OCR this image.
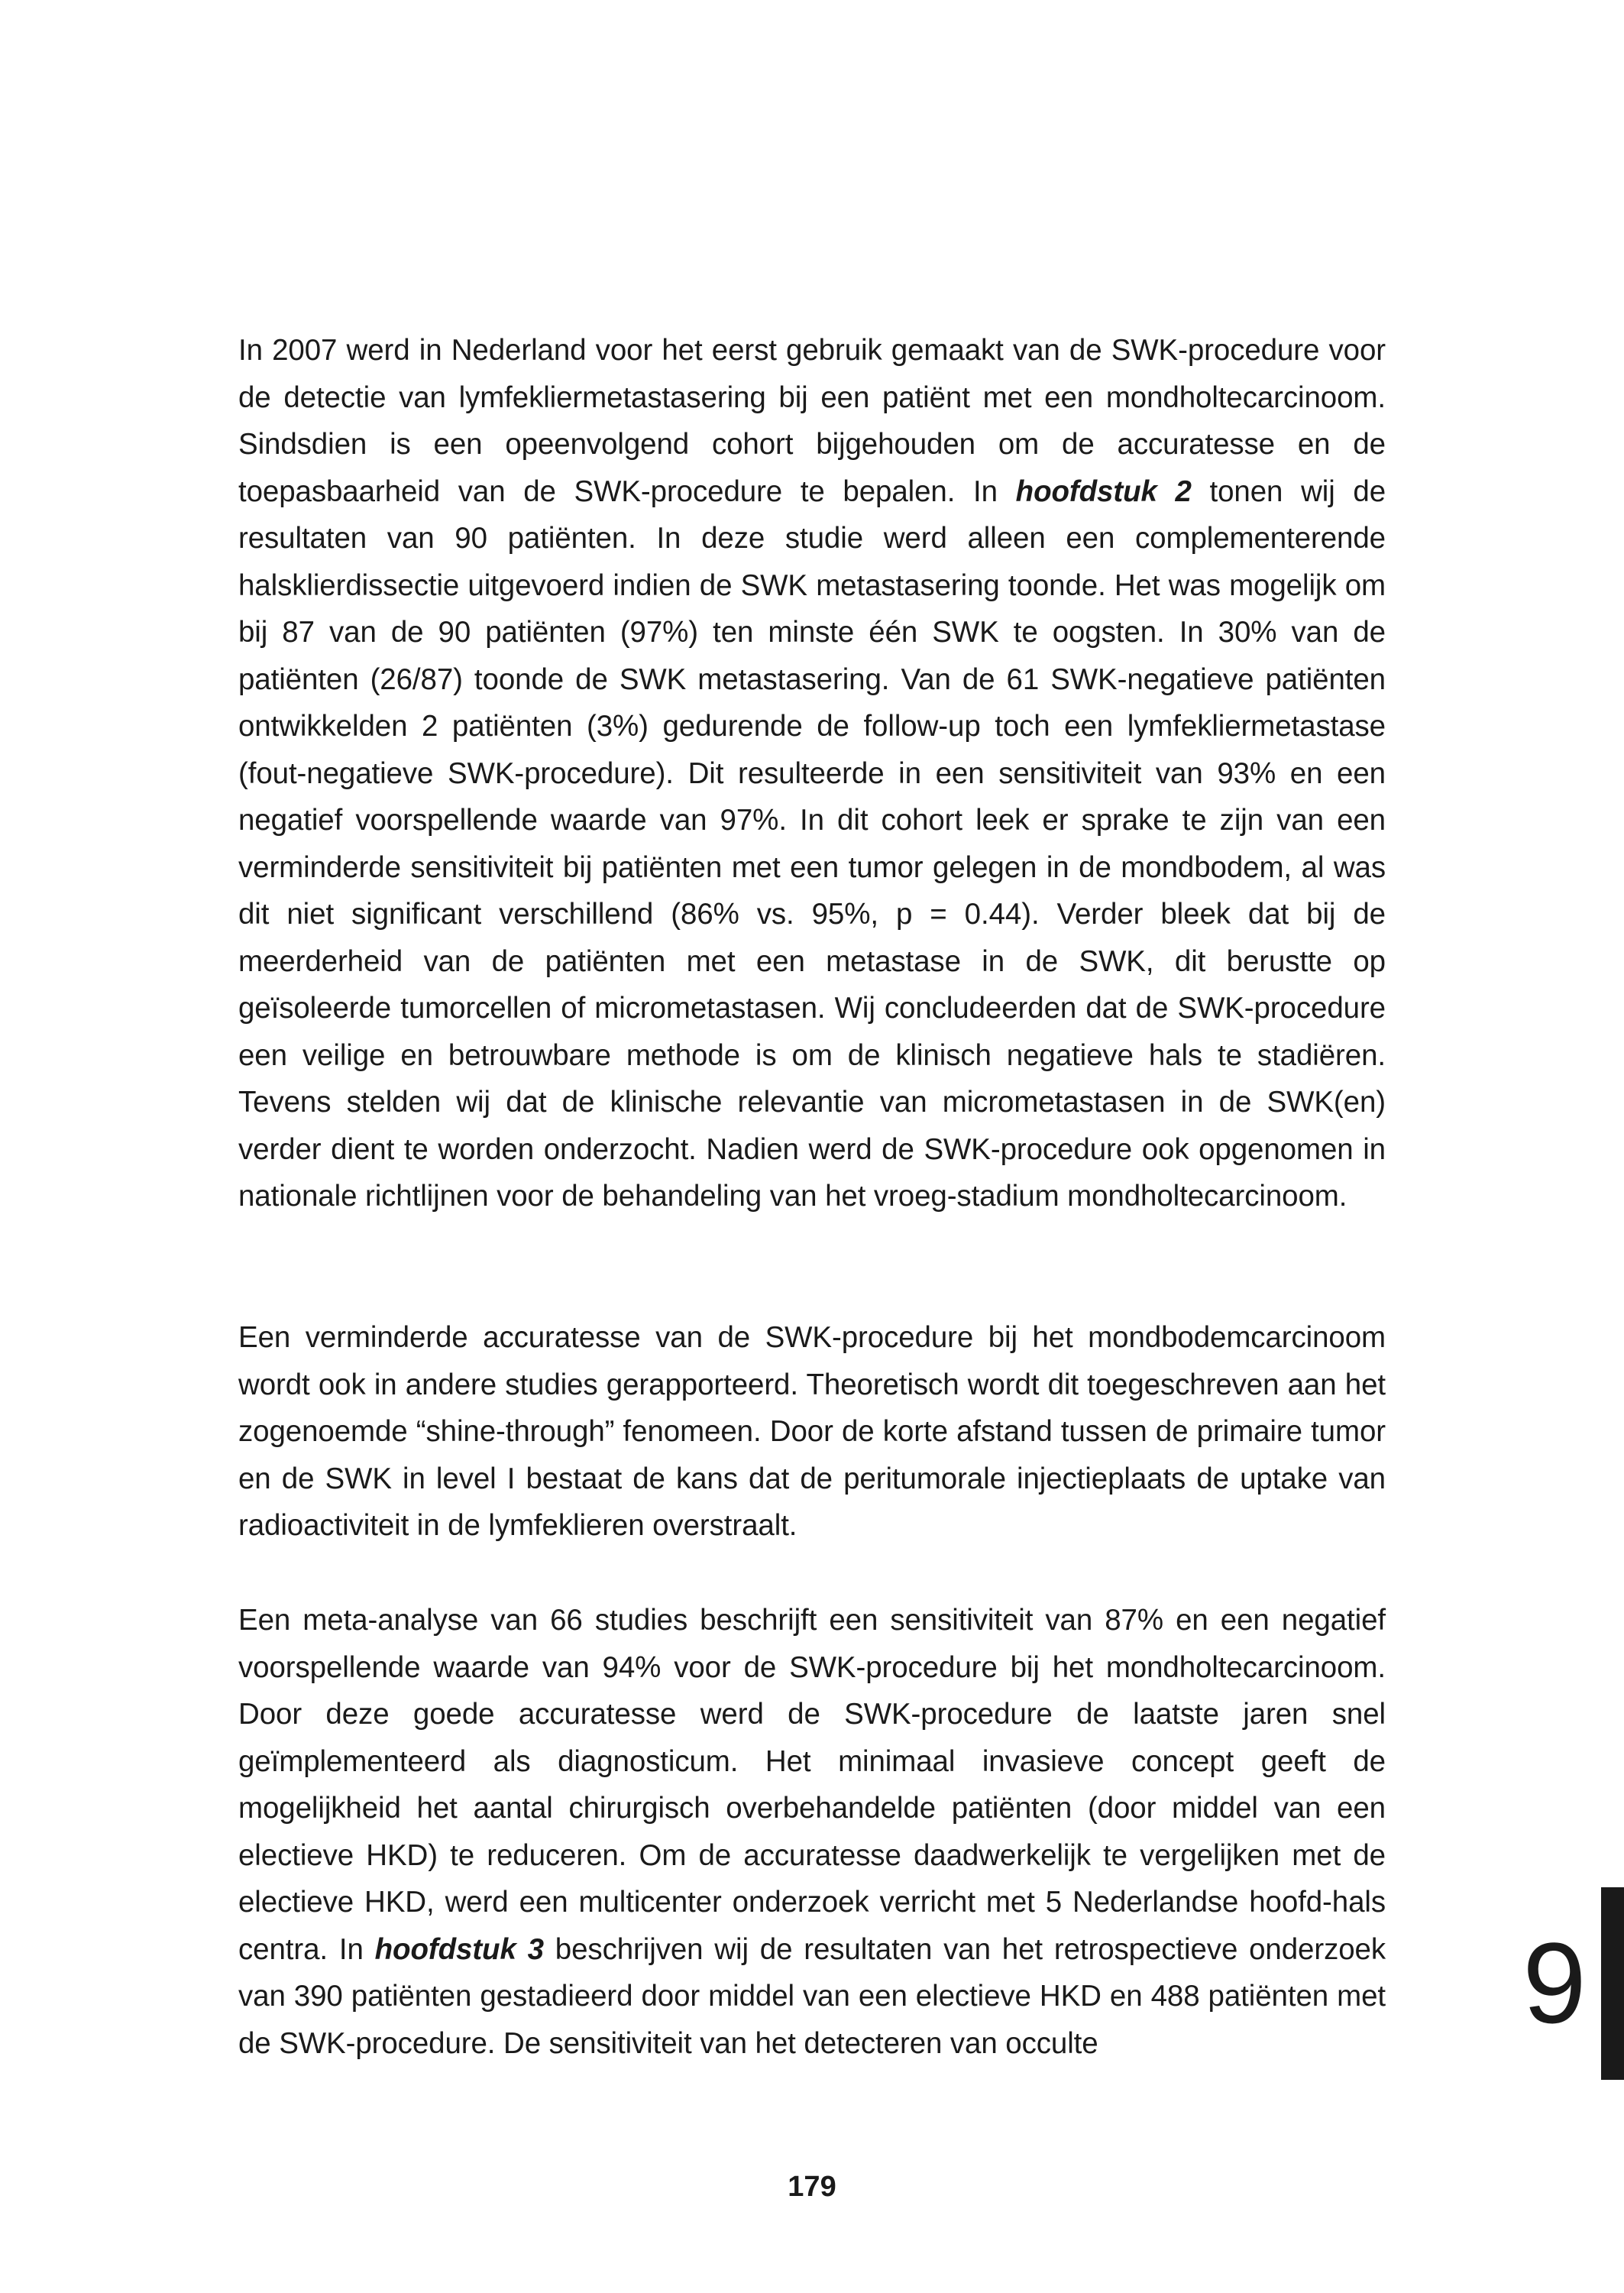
In 2007 werd in Nederland voor het eerst gebruik gemaakt van de SWK-procedure voor de detectie van lymfekliermetastasering bij een patiënt met een mondholtecarcinoom. Sindsdien is een opeenvolgend cohort bijgehouden om de accuratesse en de toepasbaarheid van de SWK-procedure te bepalen. In hoofdstuk 2 tonen wij de resultaten van 90 patiënten. In deze studie werd alleen een complementerende halsklierdissectie uitgevoerd indien de SWK metastasering toonde. Het was mogelijk om bij 87 van de 90 patiënten (97%) ten minste één SWK te oogsten. In 30% van de patiënten (26/87) toonde de SWK metastasering. Van de 61 SWK-negatieve patiënten ontwikkelden 2 patiënten (3%) gedurende de follow-up toch een lymfekliermetastase (fout-negatieve SWK-procedure). Dit resulteerde in een sensitiviteit van 93% en een negatief voorspellende waarde van 97%. In dit cohort leek er sprake te zijn van een verminderde sensitiviteit bij patiënten met een tumor gelegen in de mondbodem, al was dit niet significant verschillend (86% vs. 95%, p = 0.44). Verder bleek dat bij de meerderheid van de patiënten met een metastase in de SWK, dit berustte op geïsoleerde tumorcellen of micrometastasen. Wij concludeerden dat de SWK-procedure een veilige en betrouwbare methode is om de klinisch negatieve hals te stadiëren. Tevens stelden wij dat de klinische relevantie van micrometastasen in de SWK(en) verder dient te worden onderzocht. Nadien werd de SWK-procedure ook opgenomen in nationale richtlijnen voor de behandeling van het vroeg-stadium mondholtecarcinoom.

Een verminderde accuratesse van de SWK-procedure bij het mondbodemcarcinoom wordt ook in andere studies gerapporteerd. Theoretisch wordt dit toegeschreven aan het zogenoemde “shine-through” fenomeen. Door de korte afstand tussen de primaire tumor en de SWK in level I bestaat de kans dat de peritumorale injectieplaats de uptake van radioactiviteit in de lymfeklieren overstraalt.

Een meta-analyse van 66 studies beschrijft een sensitiviteit van 87% en een negatief voorspellende waarde van 94% voor de SWK-procedure bij het mondholtecarcinoom. Door deze goede accuratesse werd de SWK-procedure de laatste jaren snel geïmplementeerd als diagnosticum. Het minimaal invasieve concept geeft de mogelijkheid het aantal chirurgisch overbehandelde patiënten (door middel van een electieve HKD) te reduceren. Om de accuratesse daadwerkelijk te vergelijken met de electieve HKD, werd een multicenter onderzoek verricht met 5 Nederlandse hoofd-hals centra. In hoofdstuk 3 beschrijven wij de resultaten van het retrospectieve onderzoek van 390 patiënten gestadieerd door middel van een electieve HKD en 488 patiënten met de SWK-procedure. De sensitiviteit van het detecteren van occulte	9
179
